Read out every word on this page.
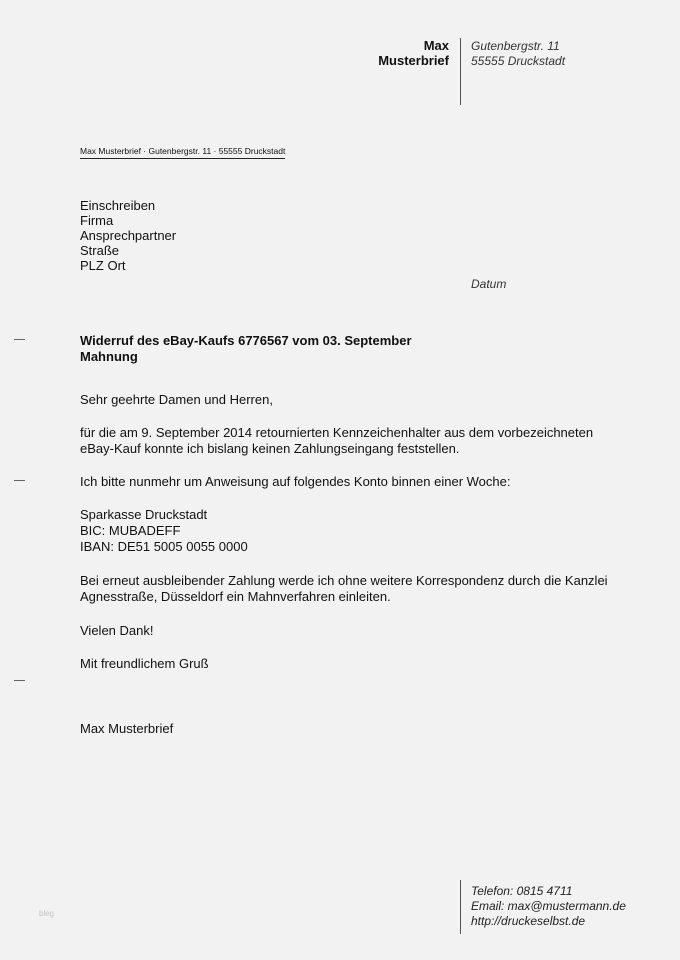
Max
Musterbrief
Gutenbergstr. 11
55555 Druckstadt
Max Musterbrief · Gutenbergstr. 11 · 55555 Druckstadt
Einschreiben
Firma
Ansprechpartner
Straße
PLZ Ort
Datum
Widerruf des eBay-Kaufs 6776567 vom 03. September
Mahnung
Sehr geehrte Damen und Herren,
für die am 9. September 2014 retournierten Kennzeichenhalter aus dem vorbezeichneten
eBay-Kauf konnte ich bislang keinen Zahlungseingang feststellen.
Ich bitte nunmehr um Anweisung auf folgendes Konto binnen einer Woche:
Sparkasse Druckstadt
BIC: MUBADEFF
IBAN: DE51 5005 0055 0000
Bei erneut ausbleibender Zahlung werde ich ohne weitere Korrespondenz durch die Kanzlei
Agnesstraße, Düsseldorf ein Mahnverfahren einleiten.
Vielen Dank!
Mit freundlichem Gruß
Max Musterbrief
Telefon: 0815 4711
Email: max@mustermann.de
http://druckeselbst.de
bleg
